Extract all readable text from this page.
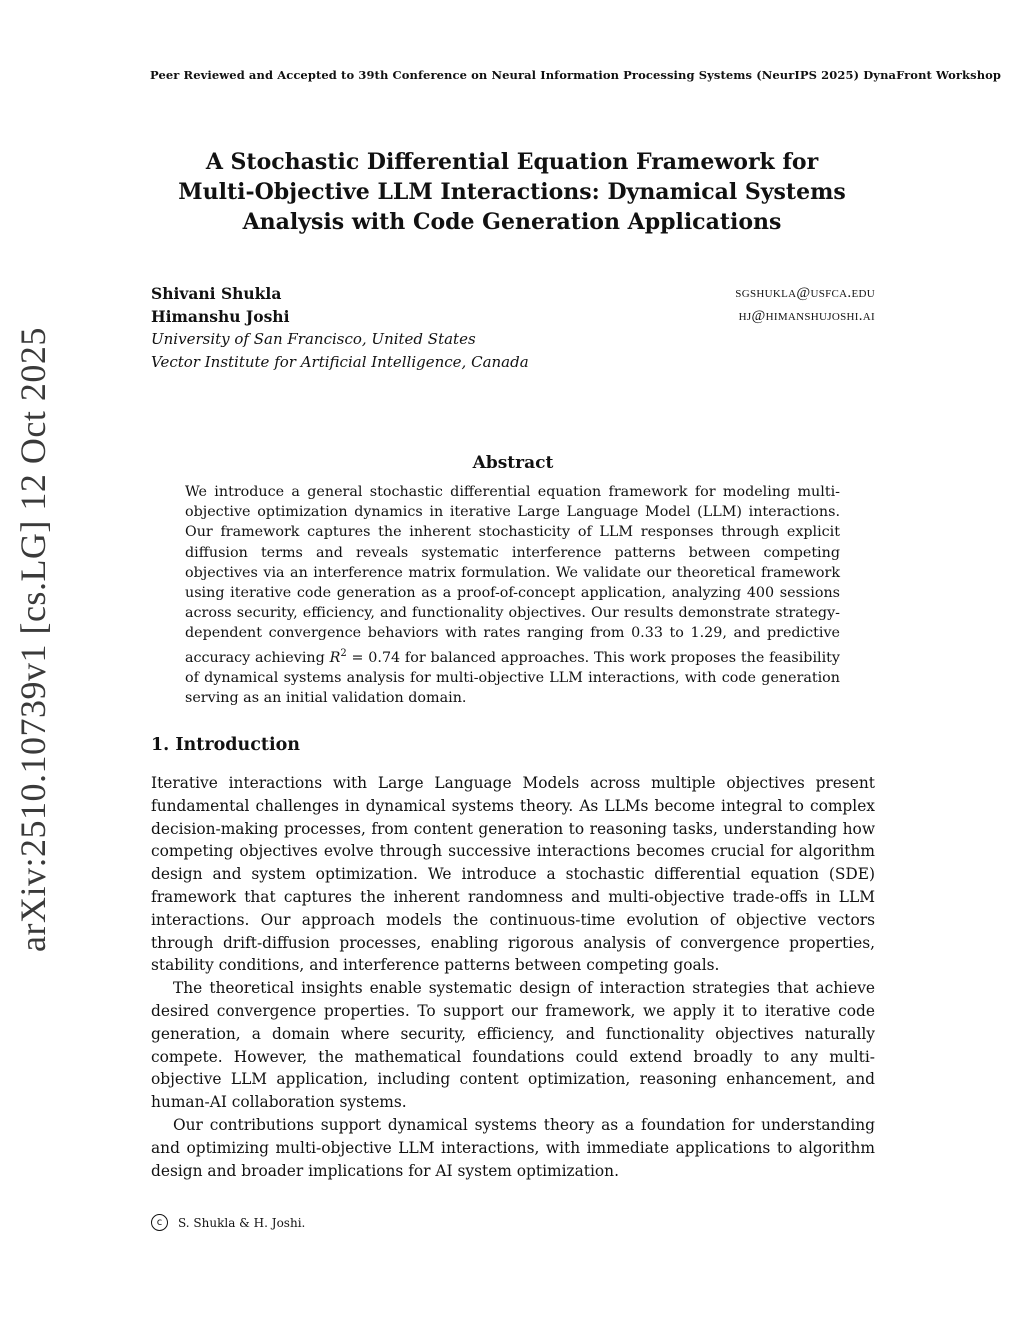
Peer Reviewed and Accepted to 39th Conference on Neural Information Processing Systems (NeurIPS 2025) DynaFront Workshop
arXiv:2510.10739v1 [cs.LG] 12 Oct 2025
A Stochastic Differential Equation Framework for
Multi-Objective LLM Interactions: Dynamical Systems
Analysis with Code Generation Applications
Shivani Shukla	sgshukla@usfca.edu
Himanshu Joshi	hj@himanshujoshi.ai
University of San Francisco, United States
Vector Institute for Artificial Intelligence, Canada
Abstract

We introduce a general stochastic differential equation framework for modeling multi-objective optimization dynamics in iterative Large Language Model (LLM) interactions. Our framework captures the inherent stochasticity of LLM responses through explicit diffusion terms and reveals systematic interference patterns between competing objectives via an interference matrix formulation. We validate our theoretical framework using iterative code generation as a proof-of-concept application, analyzing 400 sessions across security, efficiency, and functionality objectives. Our results demonstrate strategy-dependent convergence behaviors with rates ranging from 0.33 to 1.29, and predictive accuracy achieving $R^2 = 0.74$ for balanced approaches. This work proposes the feasibility of dynamical systems analysis for multi-objective LLM interactions, with code generation serving as an initial validation domain.

1. Introduction

Iterative interactions with Large Language Models across multiple objectives present fundamental challenges in dynamical systems theory. As LLMs become integral to complex decision-making processes, from content generation to reasoning tasks, understanding how competing objectives evolve through successive interactions becomes crucial for algorithm design and system optimization. We introduce a stochastic differential equation (SDE) framework that captures the inherent randomness and multi-objective trade-offs in LLM interactions. Our approach models the continuous-time evolution of objective vectors through drift-diffusion processes, enabling rigorous analysis of convergence properties, stability conditions, and interference patterns between competing goals.

The theoretical insights enable systematic design of interaction strategies that achieve desired convergence properties. To support our framework, we apply it to iterative code generation, a domain where security, efficiency, and functionality objectives naturally compete. However, the mathematical foundations could extend broadly to any multi-objective LLM application, including content optimization, reasoning enhancement, and human-AI collaboration systems.

Our contributions support dynamical systems theory as a foundation for understanding and optimizing multi-objective LLM interactions, with immediate applications to algorithm design and broader implications for AI system optimization.

c	S. Shukla & H. Joshi.
